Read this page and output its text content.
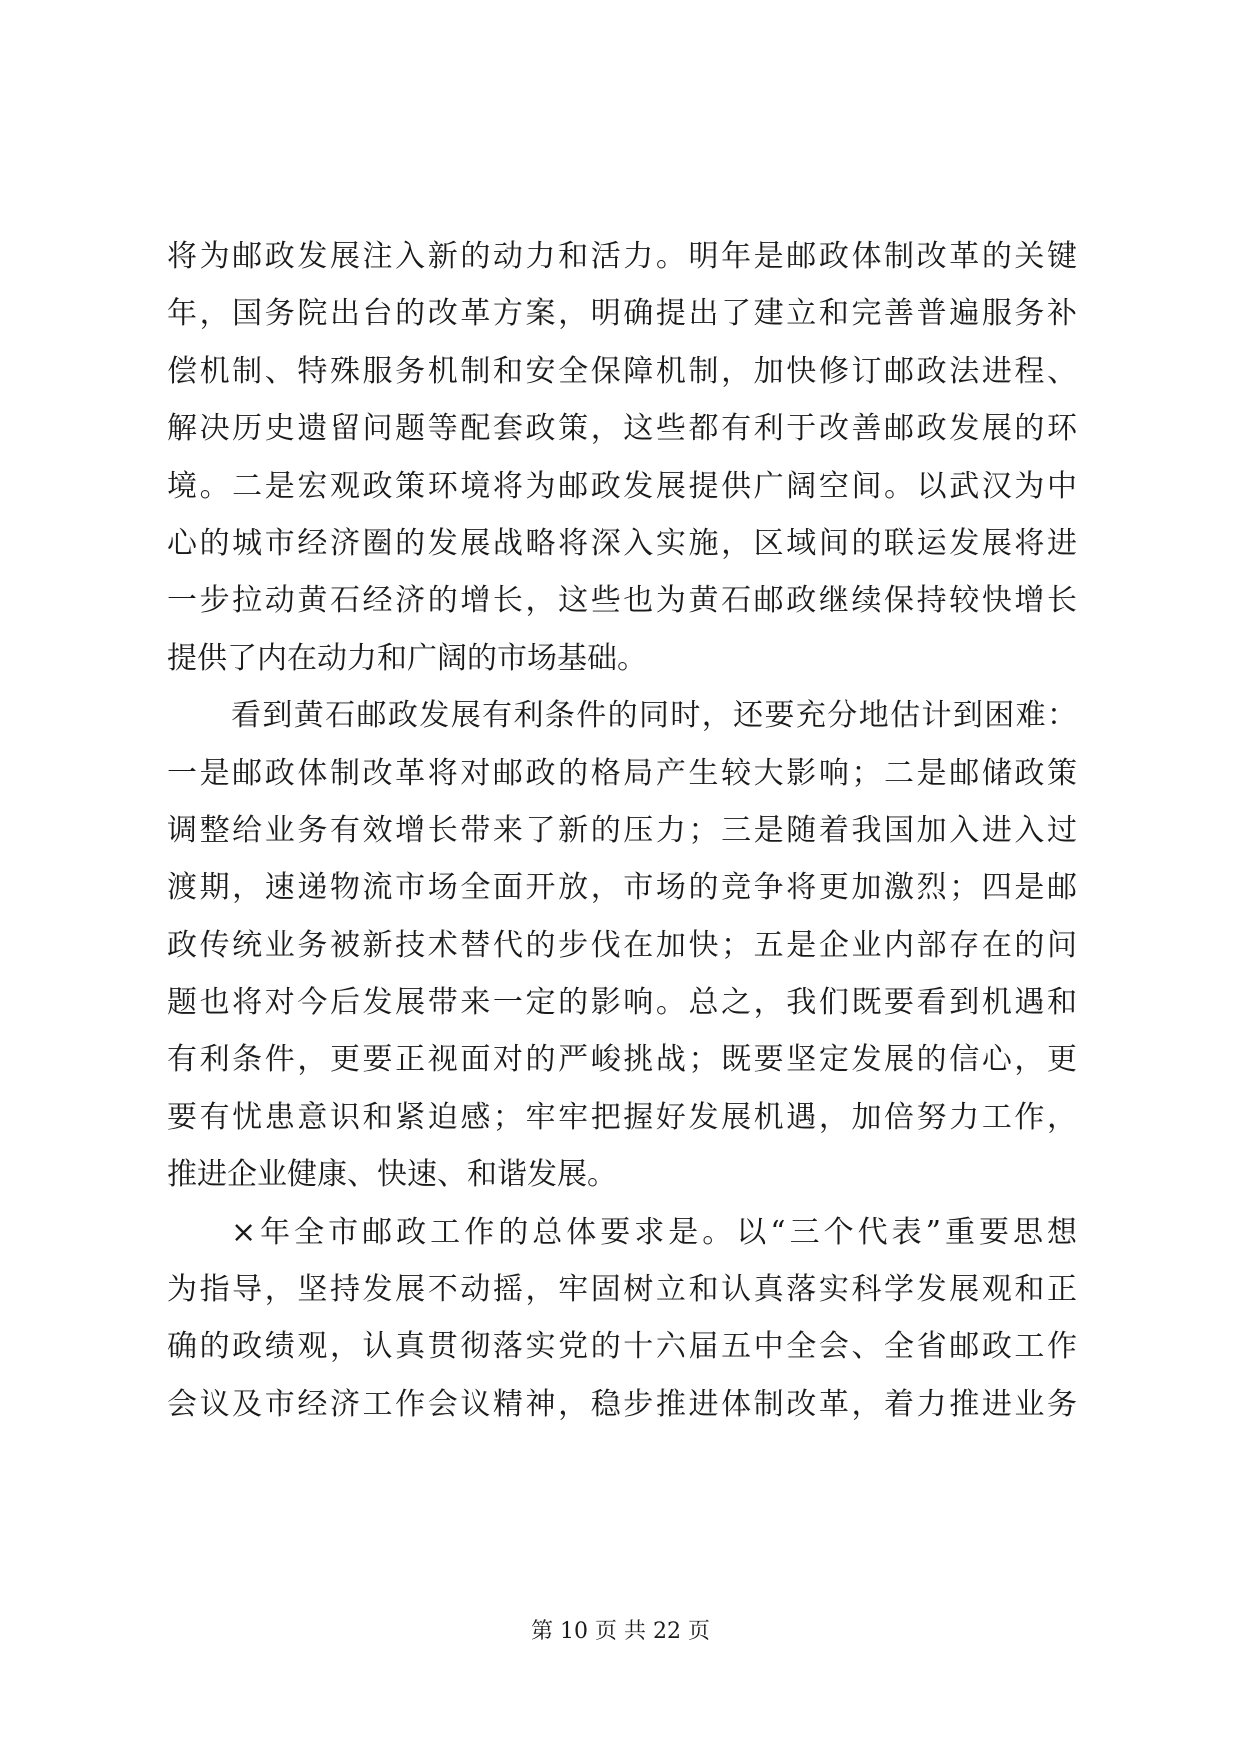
将为邮政发展注入新的动力和活力。明年是邮政体制改革的关键
年，国务院出台的改革方案，明确提出了建立和完善普遍服务补
偿机制、特殊服务机制和安全保障机制，加快修订邮政法进程、
解决历史遗留问题等配套政策，这些都有利于改善邮政发展的环
境。二是宏观政策环境将为邮政发展提供广阔空间。以武汉为中
心的城市经济圈的发展战略将深入实施，区域间的联运发展将进
一步拉动黄石经济的增长，这些也为黄石邮政继续保持较快增长
提供了内在动力和广阔的市场基础。
看到黄石邮政发展有利条件的同时，还要充分地估计到困难：
一是邮政体制改革将对邮政的格局产生较大影响；二是邮储政策
调整给业务有效增长带来了新的压力；三是随着我国加入进入过
渡期，速递物流市场全面开放，市场的竞争将更加激烈；四是邮
政传统业务被新技术替代的步伐在加快；五是企业内部存在的问
题也将对今后发展带来一定的影响。总之，我们既要看到机遇和
有利条件，更要正视面对的严峻挑战；既要坚定发展的信心，更
要有忧患意识和紧迫感；牢牢把握好发展机遇，加倍努力工作，
推进企业健康、快速、和谐发展。
×年全市邮政工作的总体要求是。以“三个代表”重要思想
为指导，坚持发展不动摇，牢固树立和认真落实科学发展观和正
确的政绩观，认真贯彻落实党的十六届五中全会、全省邮政工作
会议及市经济工作会议精神，稳步推进体制改革，着力推进业务
第 10 页 共 22 页
